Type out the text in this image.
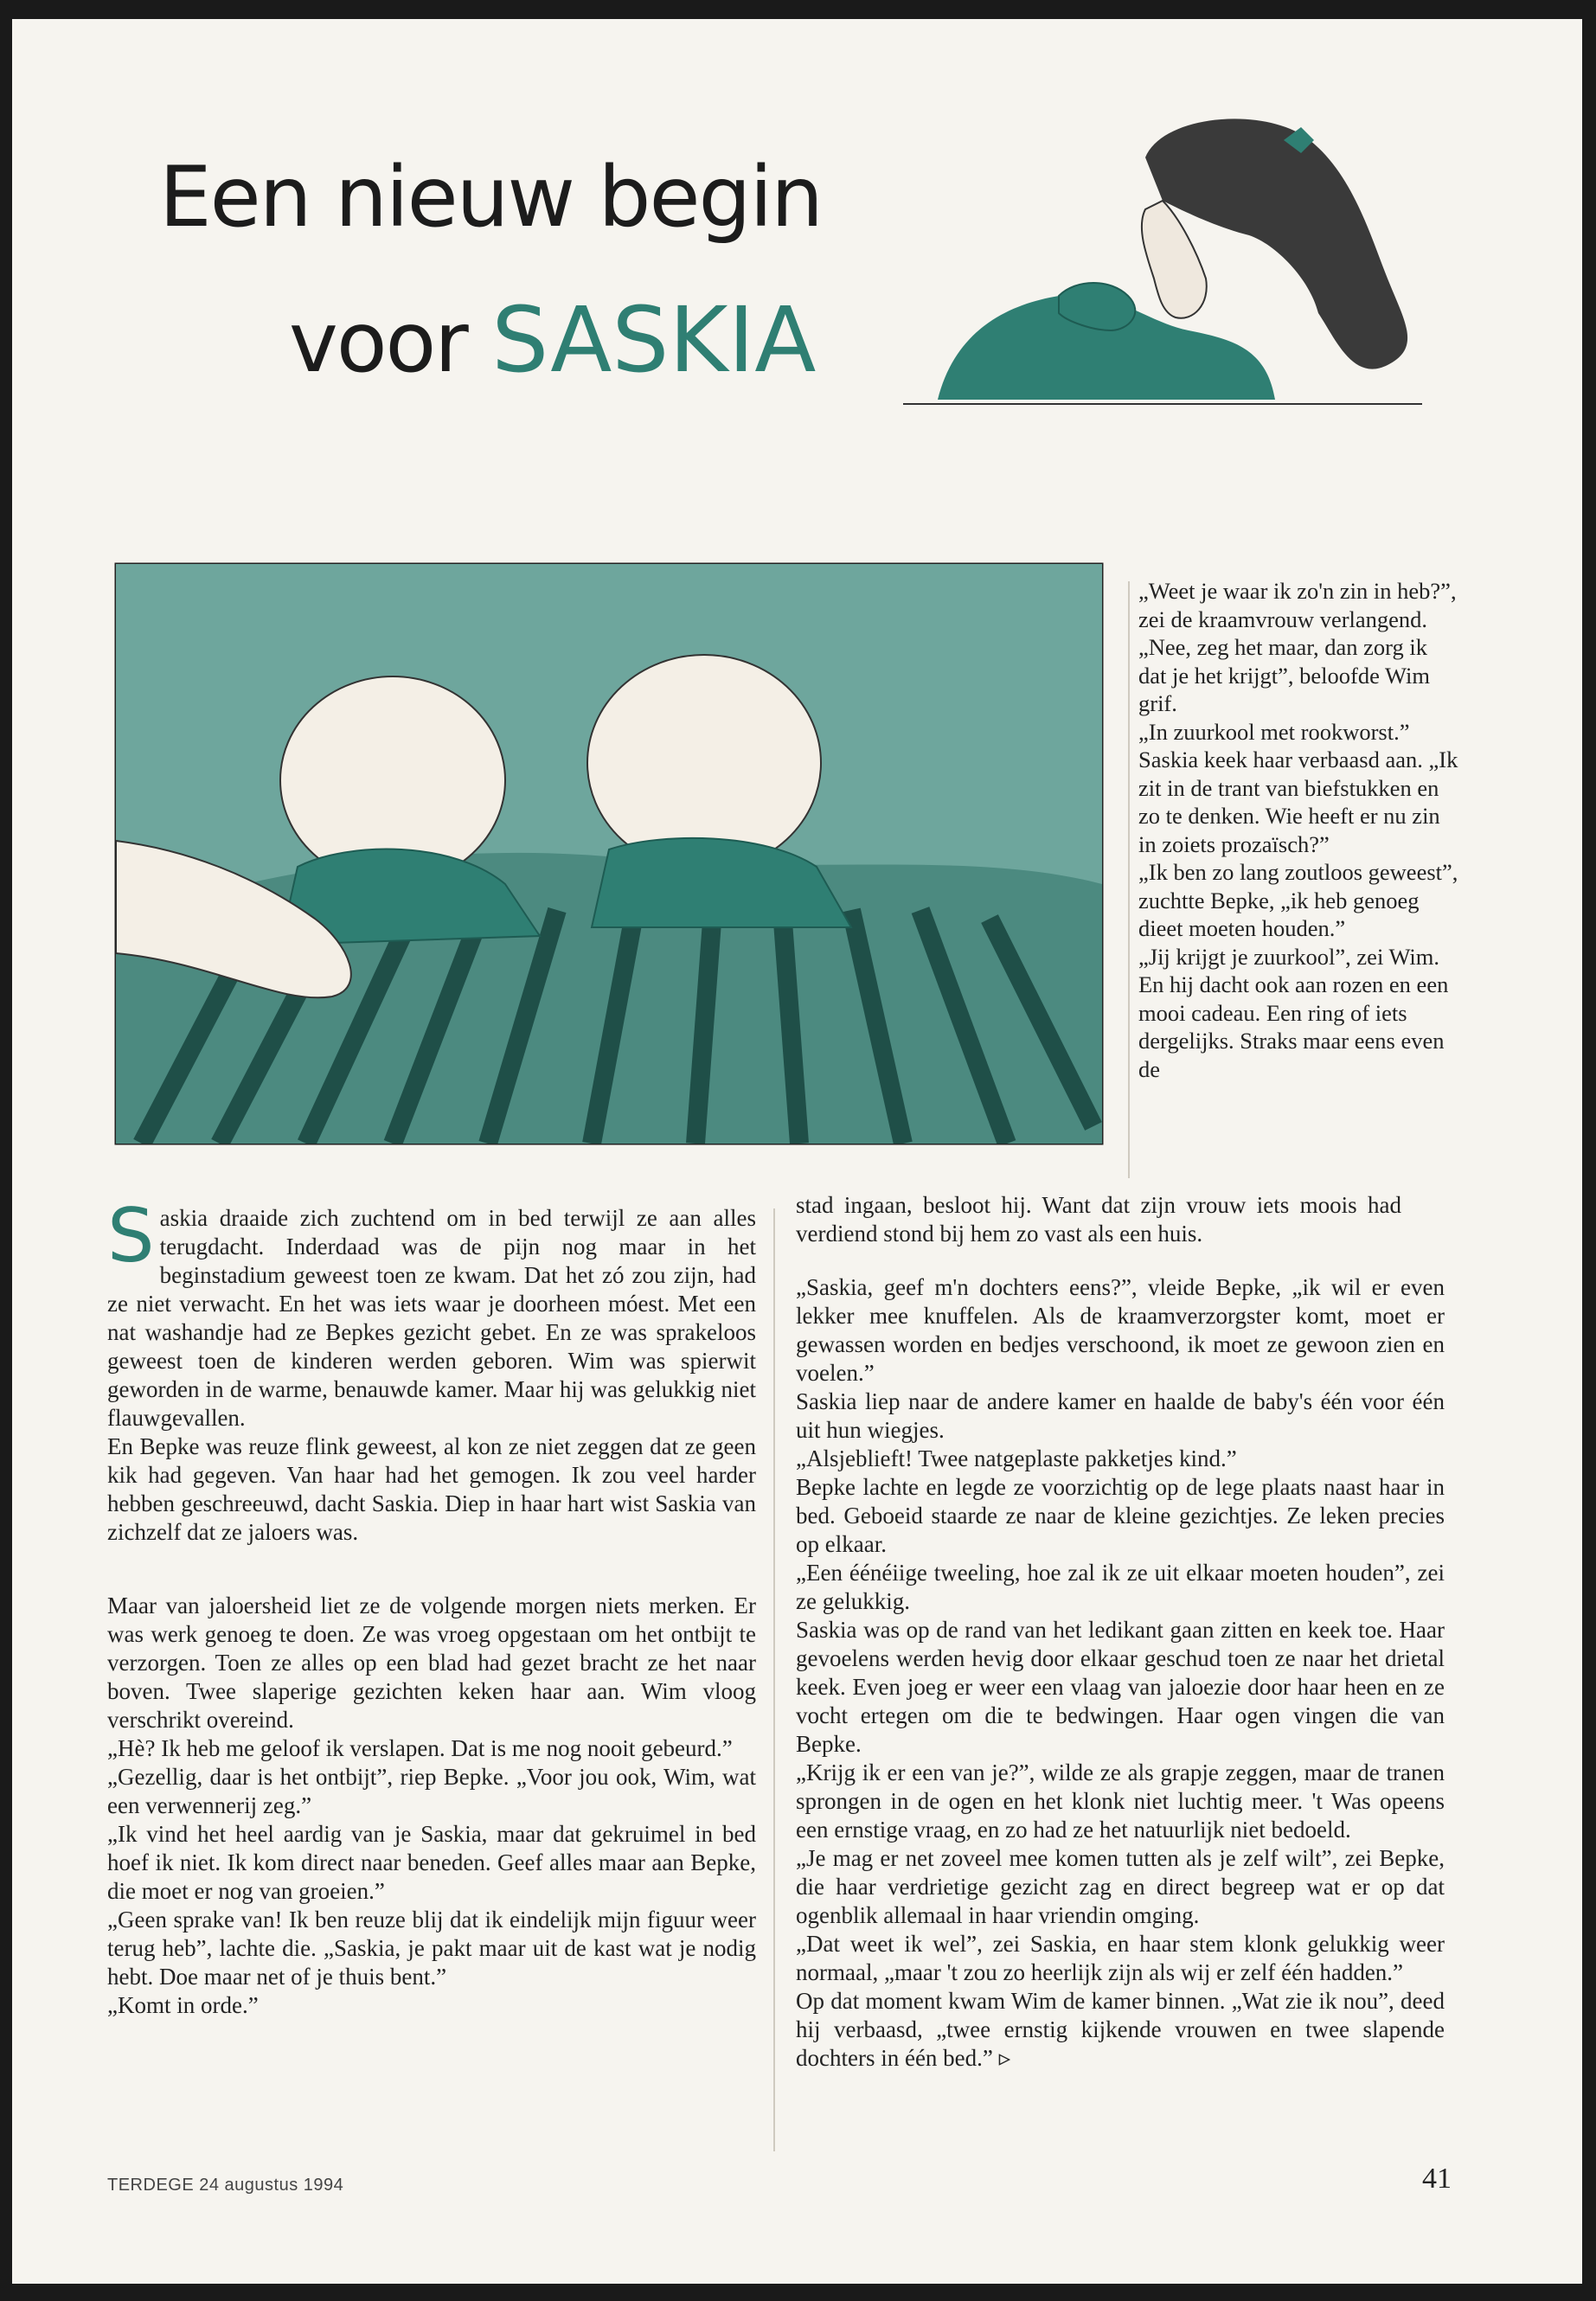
Een nieuw begin
voor SASKIA

„Weet je waar ik zo'n zin in heb?”, zei de kraamvrouw verlangend.

„Nee, zeg het maar, dan zorg ik dat je het krijgt”, beloofde Wim grif.

„In zuurkool met rookworst.”

Saskia keek haar verbaasd aan. „Ik zit in de trant van biefstukken en zo te denken. Wie heeft er nu zin in zoiets prozaïsch?”

„Ik ben zo lang zoutloos geweest”, zuchtte Bepke, „ik heb genoeg dieet moeten houden.”

„Jij krijgt je zuurkool”, zei Wim. En hij dacht ook aan rozen en een mooi cadeau. Een ring of iets dergelijks. Straks maar eens even de

stad ingaan, besloot hij. Want dat zijn vrouw iets moois had verdiend stond bij hem zo vast als een huis.

Saskia draaide zich zuchtend om in bed terwijl ze aan alles terugdacht. Inderdaad was de pijn nog maar in het beginstadium geweest toen ze kwam. Dat het zó zou zijn, had ze niet verwacht. En het was iets waar je doorheen móest. Met een nat washandje had ze Bepkes gezicht gebet. En ze was sprakeloos geweest toen de kinderen werden geboren. Wim was spierwit geworden in de warme, benauwde kamer. Maar hij was gelukkig niet flauwgevallen.

En Bepke was reuze flink geweest, al kon ze niet zeggen dat ze geen kik had gegeven. Van haar had het gemogen. Ik zou veel harder hebben geschreeuwd, dacht Saskia. Diep in haar hart wist Saskia van zichzelf dat ze jaloers was.

Maar van jaloersheid liet ze de volgende morgen niets merken. Er was werk genoeg te doen. Ze was vroeg opgestaan om het ontbijt te verzorgen. Toen ze alles op een blad had gezet bracht ze het naar boven. Twee slaperige gezichten keken haar aan. Wim vloog verschrikt overeind.

„Hè? Ik heb me geloof ik verslapen. Dat is me nog nooit gebeurd.”

„Gezellig, daar is het ontbijt”, riep Bepke. „Voor jou ook, Wim, wat een verwennerij zeg.”

„Ik vind het heel aardig van je Saskia, maar dat gekruimel in bed hoef ik niet. Ik kom direct naar beneden. Geef alles maar aan Bepke, die moet er nog van groeien.”

„Geen sprake van! Ik ben reuze blij dat ik eindelijk mijn figuur weer terug heb”, lachte die. „Saskia, je pakt maar uit de kast wat je nodig hebt. Doe maar net of je thuis bent.”

„Komt in orde.”

„Saskia, geef m'n dochters eens?”, vleide Bepke, „ik wil er even lekker mee knuffelen. Als de kraamverzorgster komt, moet er gewassen worden en bedjes verschoond, ik moet ze gewoon zien en voelen.”

Saskia liep naar de andere kamer en haalde de baby's één voor één uit hun wiegjes.

„Alsjeblieft! Twee natgeplaste pakketjes kind.”

Bepke lachte en legde ze voorzichtig op de lege plaats naast haar in bed. Geboeid staarde ze naar de kleine gezichtjes. Ze leken precies op elkaar.

„Een éénéiige tweeling, hoe zal ik ze uit elkaar moeten houden”, zei ze gelukkig.

Saskia was op de rand van het ledikant gaan zitten en keek toe. Haar gevoelens werden hevig door elkaar geschud toen ze naar het drietal keek. Even joeg er weer een vlaag van jaloezie door haar heen en ze vocht ertegen om die te bedwingen. Haar ogen vingen die van Bepke.

„Krijg ik er een van je?”, wilde ze als grapje zeggen, maar de tranen sprongen in de ogen en het klonk niet luchtig meer. 't Was opeens een ernstige vraag, en zo had ze het natuurlijk niet bedoeld.

„Je mag er net zoveel mee komen tutten als je zelf wilt”, zei Bepke, die haar verdrietige gezicht zag en direct begreep wat er op dat ogenblik allemaal in haar vriendin omging.

„Dat weet ik wel”, zei Saskia, en haar stem klonk gelukkig weer normaal, „maar 't zou zo heerlijk zijn als wij er zelf één hadden.”

Op dat moment kwam Wim de kamer binnen. „Wat zie ik nou”, deed hij verbaasd, „twee ernstig kijkende vrouwen en twee slapende dochters in één bed.” ▹

TERDEGE 24 augustus 1994	41
